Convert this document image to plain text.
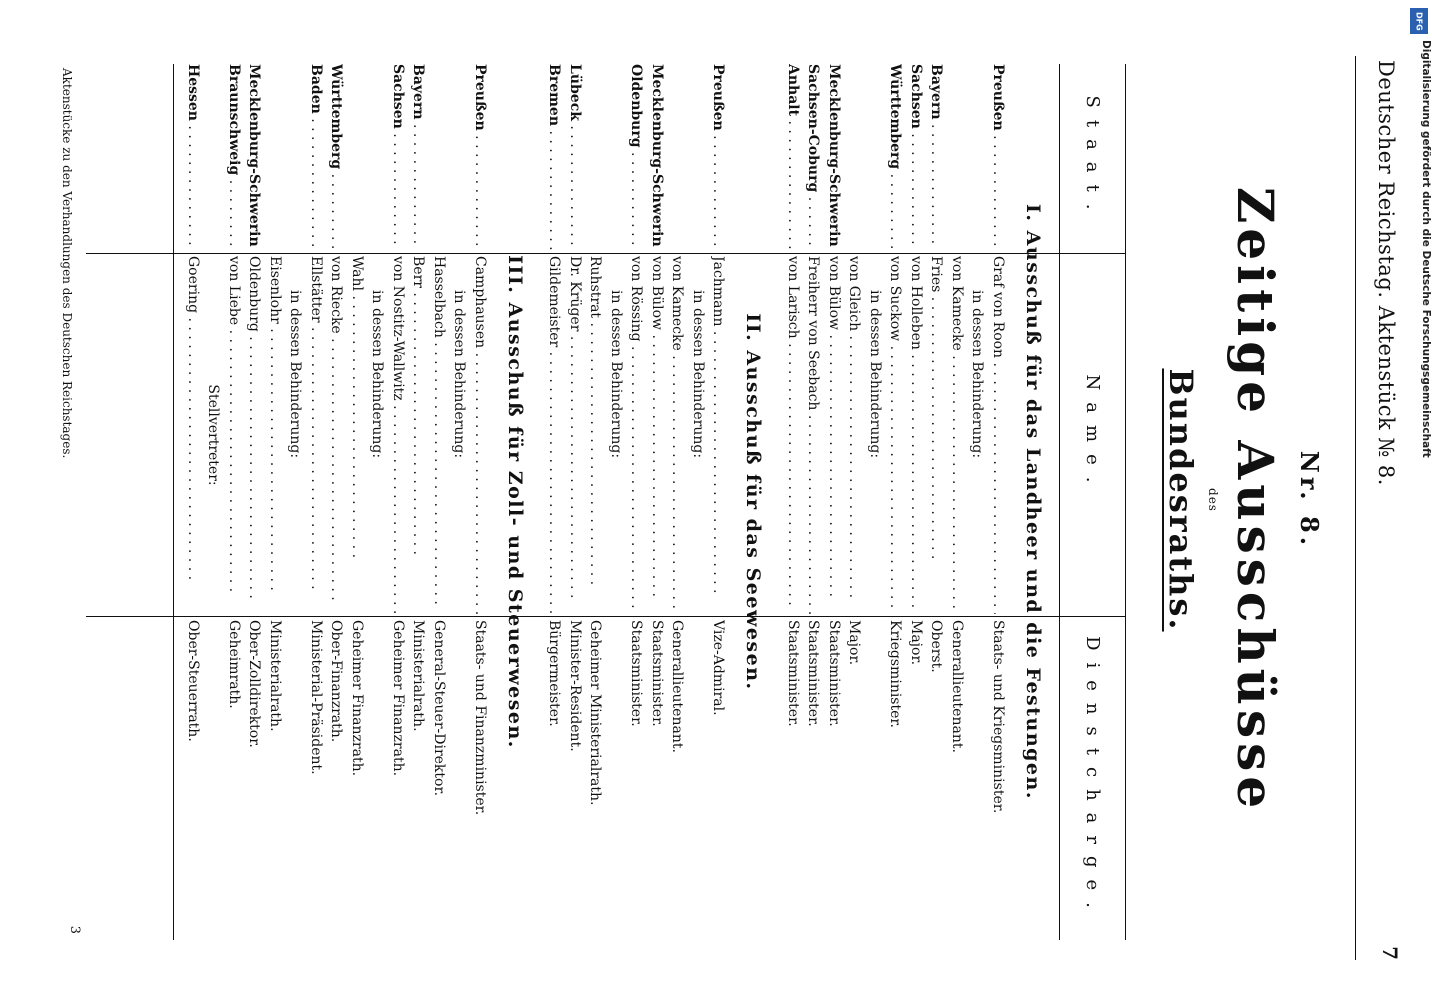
Deutscher Reichstag. Aktenstück № 8.
7
Nr. 8.
Zeitige Ausschüsse
des
Bundesraths.
Staat.
Name.
Dienstcharge.
I. Ausschuß für das Landheer und die Festungen.
Preußen . . .
Graf von Roon . . .
Staats- und Kriegsminister.
in dessen Behinderung:
von Kamecke . . .
Generallieutenant.
Bayern . . .
Fries . . .
Oberst.
Sachsen . . .
von Holleben . . .
Major.
Württemberg . . .
von Suckow . . .
Kriegsminister.
in dessen Behinderung:
von Gleich . . .
Major.
Mecklenburg-Schwerin . . .
von Bülow . . .
Staatsminister.
Sachsen-Coburg . . .
Freiherr von Seebach . . .
Staatsminister.
Anhalt . . .
von Larisch . . .
Staatsminister.
II. Ausschuß für das Seewesen.
Preußen . . .
Jachmann . . .
Vize-Admiral.
in dessen Behinderung:
von Kamecke . . .
Generallieutenant.
Mecklenburg-Schwerin . . .
von Bülow . . .
Staatsminister.
Oldenburg . . .
von Rössing . . .
Staatsminister.
in dessen Behinderung:
Ruhstrat . . .
Geheimer Ministerialrath.
Lübeck . . .
Dr. Krüger . . .
Minister-Resident.
Bremen . . .
Gildemeister . . .
Bürgermeister.
III. Ausschuß für Zoll- und Steuerwesen.
Preußen . . .
Camphausen . . .
Staats- und Finanzminister.
in dessen Behinderung:
Hasselbach . . .
General-Steuer-Direktor.
Bayern . . .
Berr . . .
Ministerialrath.
Sachsen . . .
von Nostitz-Wallwitz . . .
Geheimer Finanzrath.
in dessen Behinderung:
Wahl . . .
Geheimer Finanzrath.
Württemberg . . .
von Riecke . . .
Ober-Finanzrath.
Baden . . .
Ellstätter . . .
Ministerial-Präsident.
in dessen Behinderung:
Eisenlohr . . .
Ministerialrath.
Mecklenburg-Schwerin . . .
Oldenburg . . .
Ober-Zolldirektor.
Braunschweig . . .
von Liebe . . .
Geheimrath.
Stellvertreter:
Hessen . . .
Goering . . .
Ober-Steuerrath.
Aktenstücke zu den Verhandlungen des Deutschen Reichstages.
3
DFG
Digitalisierung gefördert durch die Deutsche Forschungsgemeinschaft
